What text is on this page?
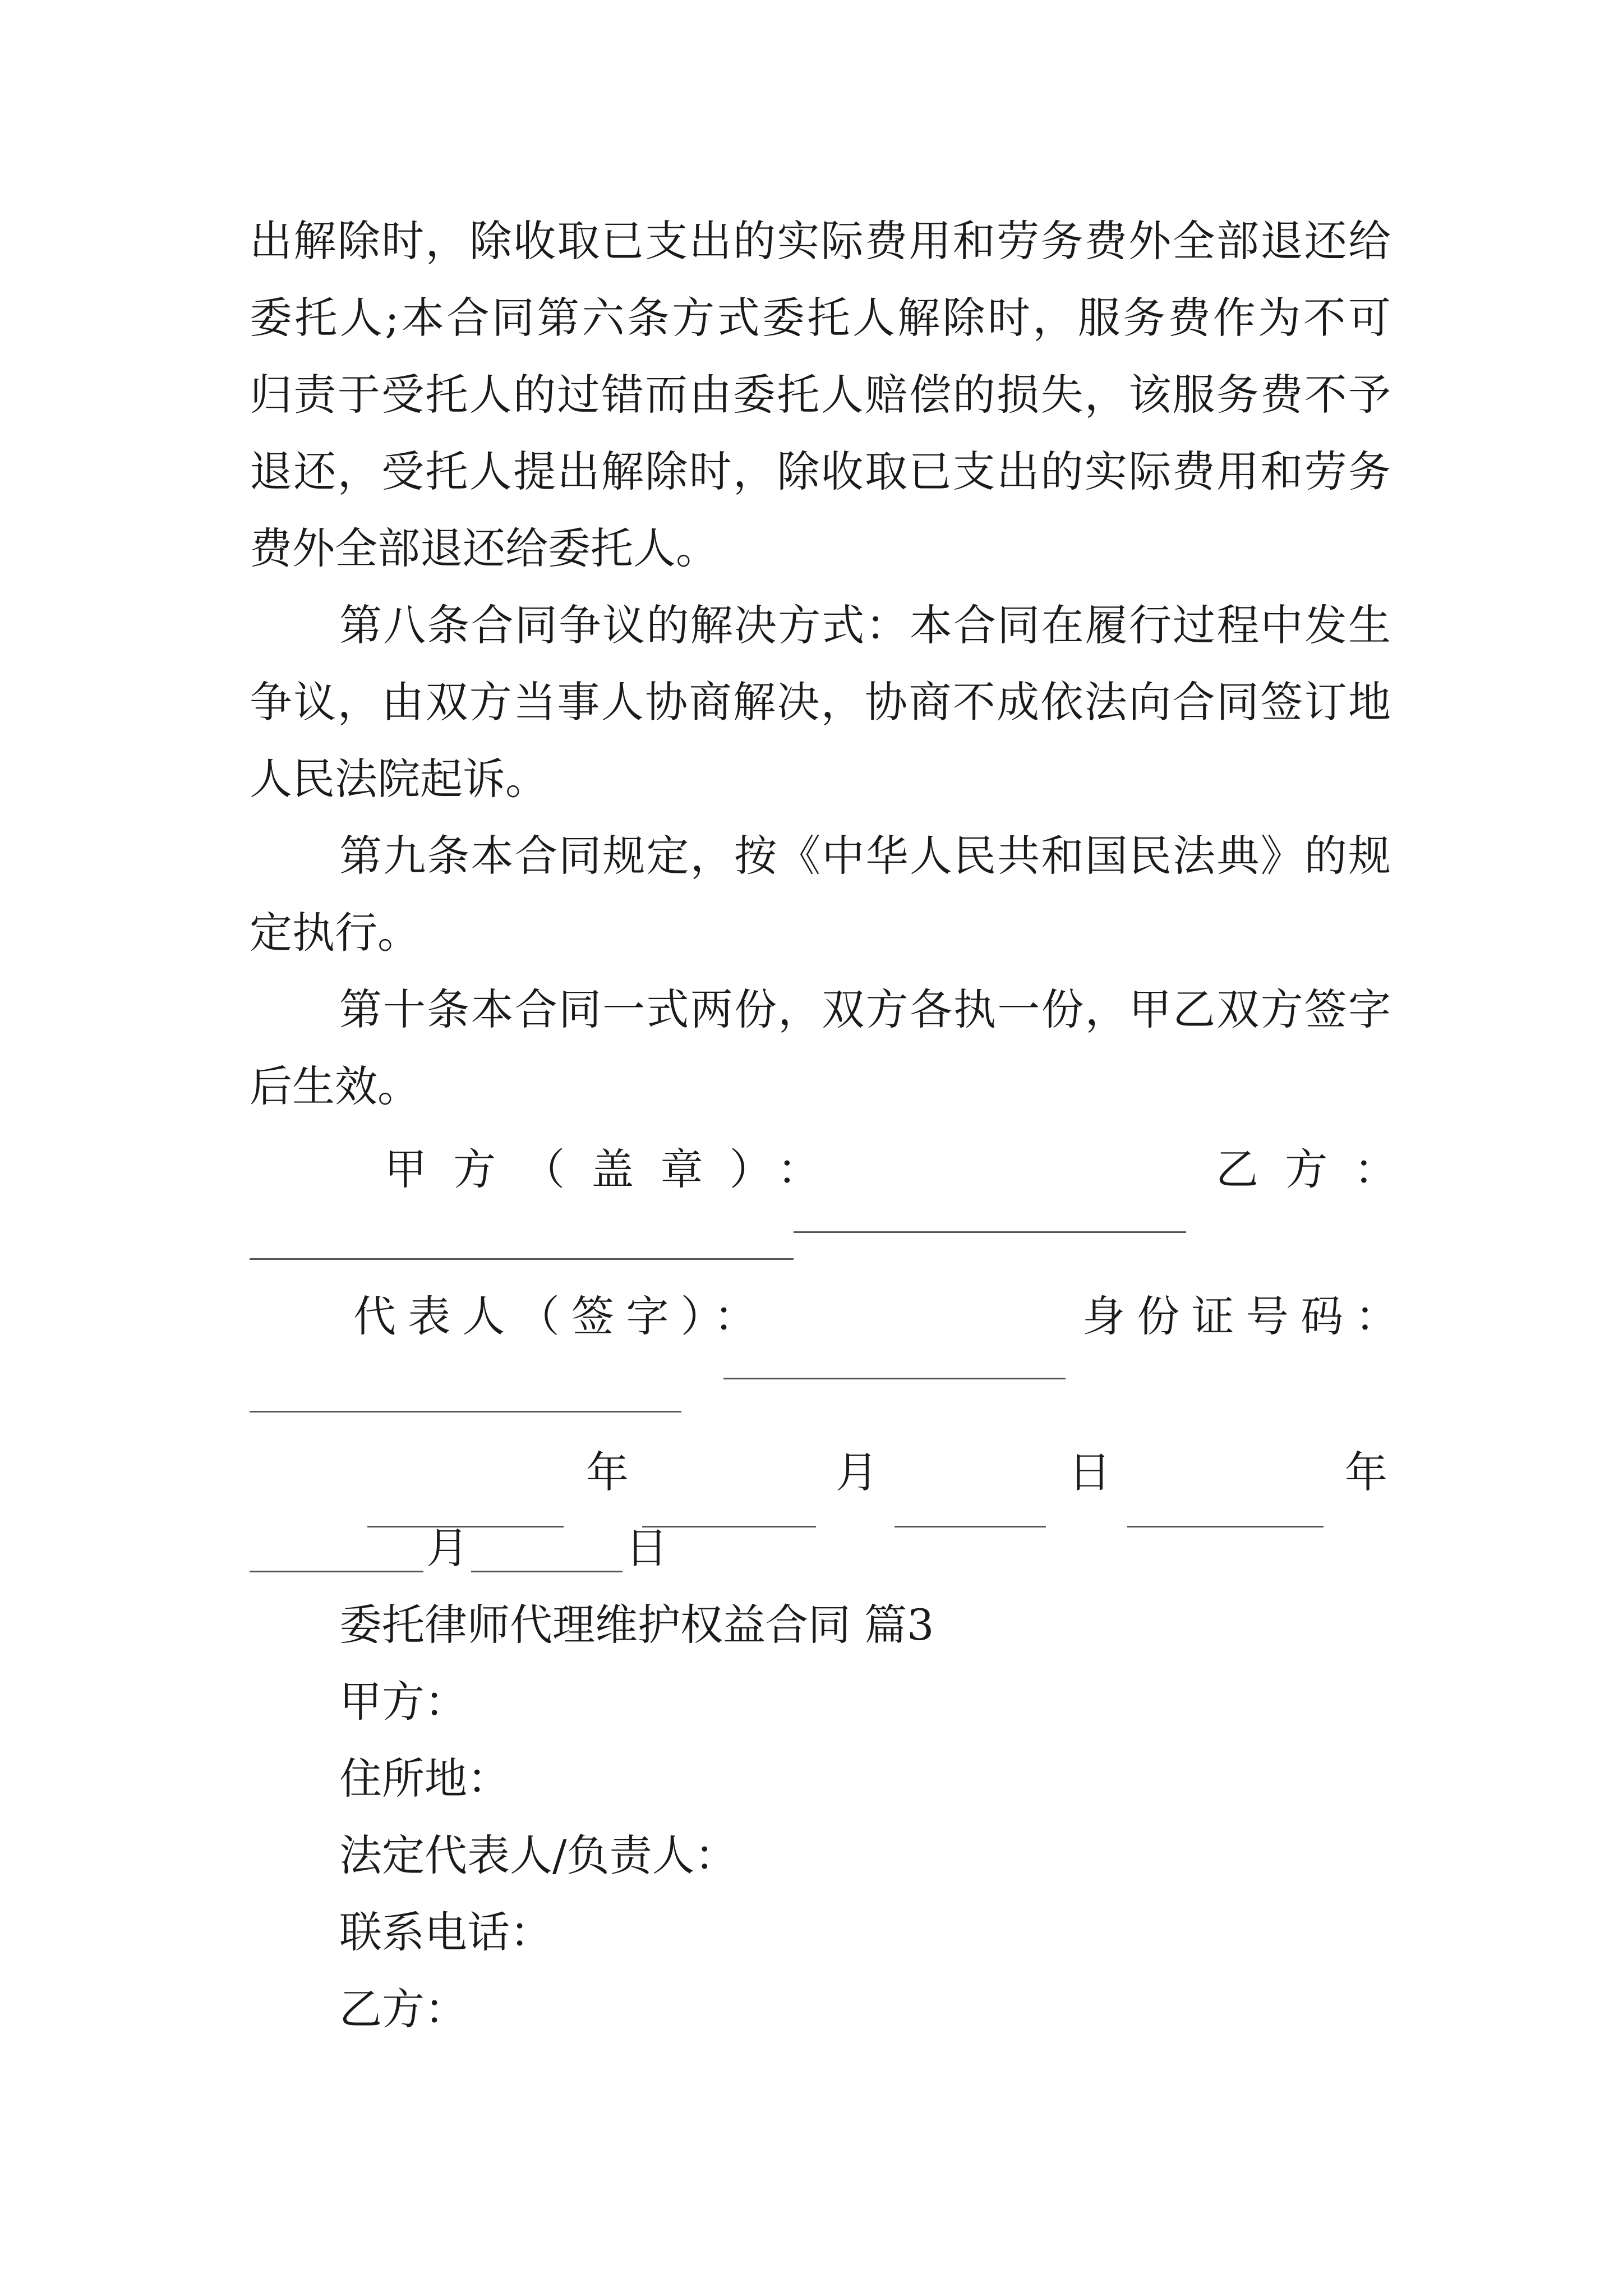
出解除时，除收取已支出的实际费用和劳务费外全部退还给
委托人;本合同第六条方式委托人解除时，服务费作为不可
归责于受托人的过错而由委托人赔偿的损失，该服务费不予
退还，受托人提出解除时，除收取已支出的实际费用和劳务
费外全部退还给委托人。
第八条合同争议的解决方式：本合同在履行过程中发生
争议，由双方当事人协商解决，协商不成依法向合同签订地
人民法院起诉。
第九条本合同规定，按《中华人民共和国民法典》的规
定执行。
第十条本合同一式两份，双方各执一份，甲乙双方签字
后生效。
甲方（盖章）：	乙方：
代表人（签字）：	身份证号码：
年	月	日	年
月	日
委托律师代理维护权益合同 篇3
甲方：
住所地：
法定代表人/负责人：
联系电话：
乙方：
